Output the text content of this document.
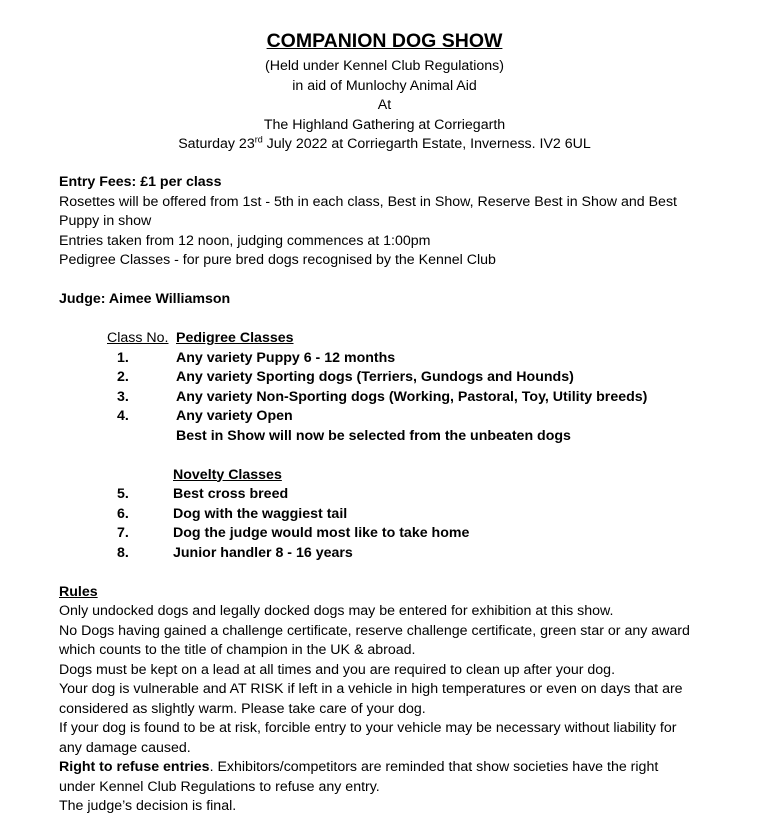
COMPANION DOG SHOW
(Held under Kennel Club Regulations)
in aid of Munlochy Animal Aid
At
The Highland Gathering at Corriegarth
Saturday 23rd July 2022 at Corriegarth Estate, Inverness. IV2 6UL
Entry Fees: £1 per class
Rosettes will be offered from 1st - 5th in each class, Best in Show, Reserve Best in Show and Best
Puppy in show
Entries taken from 12 noon, judging commences at 1:00pm
Pedigree Classes - for pure bred dogs recognised by the Kennel Club
Judge: Aimee Williamson
Class No. Pedigree Classes
1.	Any variety Puppy 6 - 12 months
2.	Any variety Sporting dogs (Terriers, Gundogs and Hounds)
3.	Any variety Non-Sporting dogs (Working, Pastoral, Toy, Utility breeds)
4.	Any variety Open
Best in Show will now be selected from the unbeaten dogs
Novelty Classes
5.	Best cross breed
6.	Dog with the waggiest tail
7.	Dog the judge would most like to take home
8.	Junior handler 8 - 16 years
Rules
Only undocked dogs and legally docked dogs may be entered for exhibition at this show.
No Dogs having gained a challenge certificate, reserve challenge certificate, green star or any award
which counts to the title of champion in the UK & abroad.
Dogs must be kept on a lead at all times and you are required to clean up after your dog.
Your dog is vulnerable and AT RISK if left in a vehicle in high temperatures or even on days that are
considered as slightly warm. Please take care of your dog.
If your dog is found to be at risk, forcible entry to your vehicle may be necessary without liability for
any damage caused.
Right to refuse entries. Exhibitors/competitors are reminded that show societies have the right
under Kennel Club Regulations to refuse any entry.
The judge’s decision is final.
